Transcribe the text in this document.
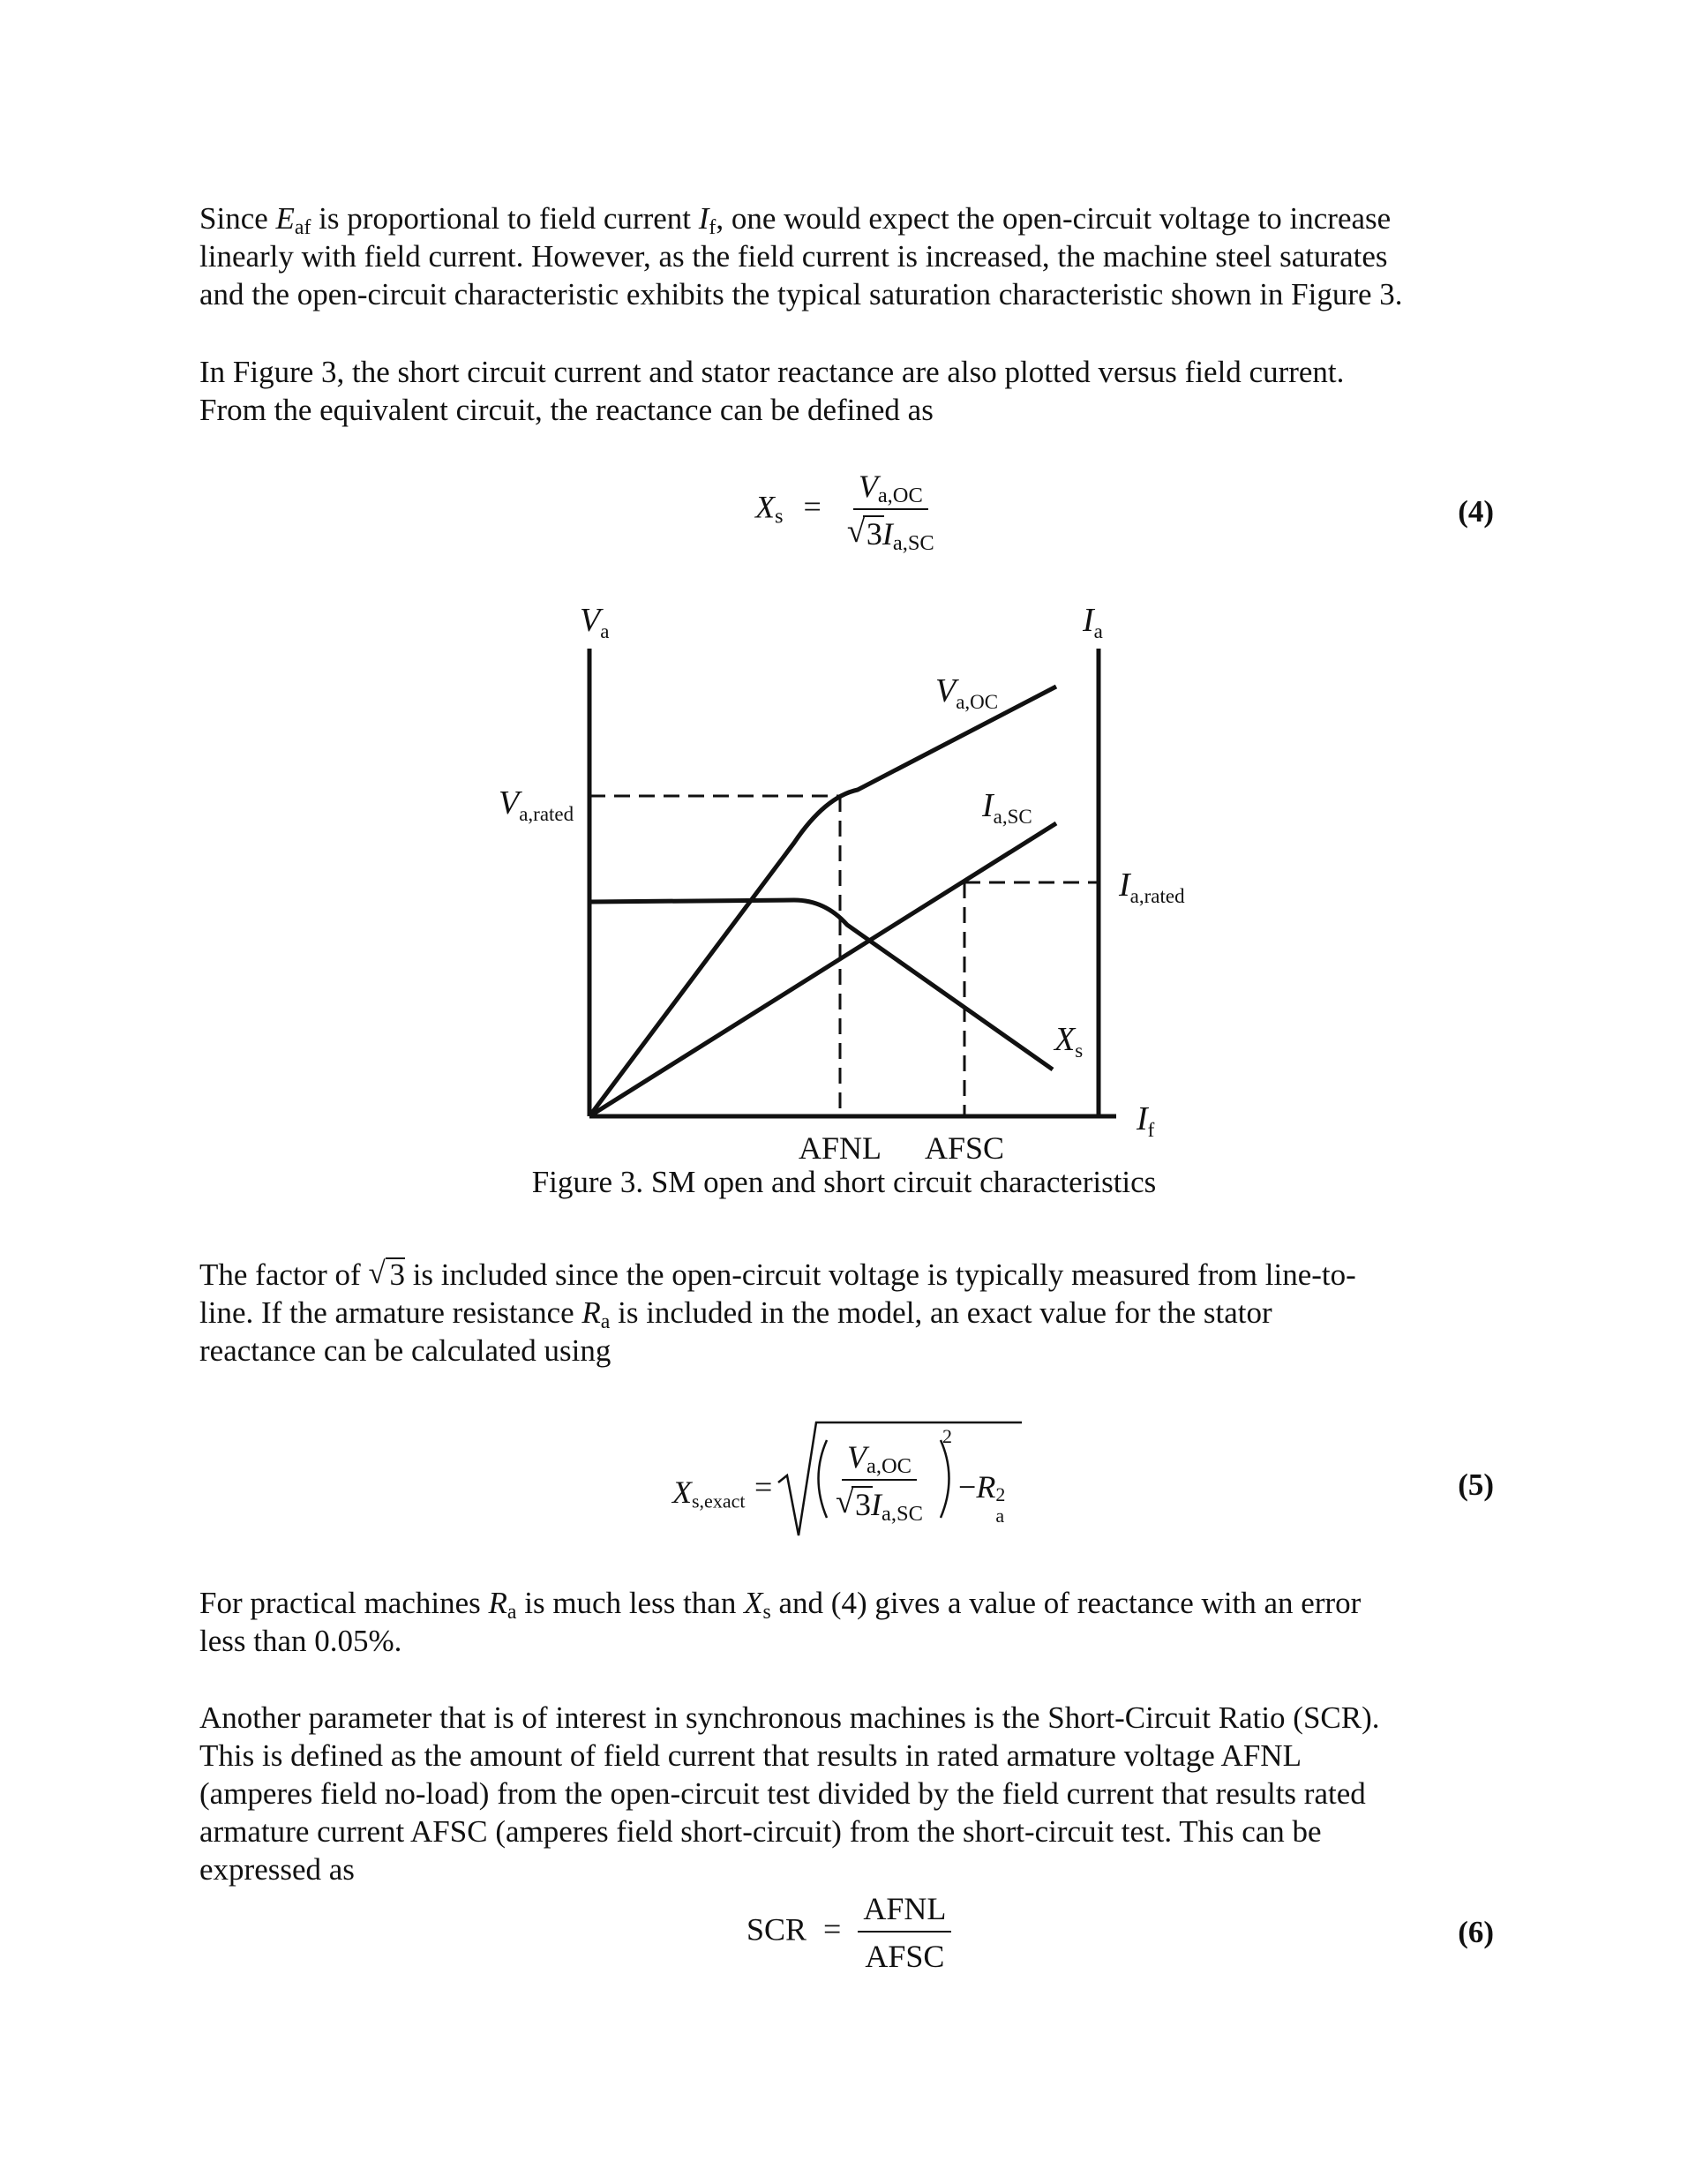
Since $E_{af}$ is proportional to field current $I_f$, one would expect the open-circuit voltage to increase
linearly with field current. However, as the field current is increased, the machine steel saturates
and the open-circuit characteristic exhibits the typical saturation characteristic shown in Figure 3.
In Figure 3, the short circuit current and stator reactance are also plotted versus field current.
From the equivalent circuit, the reactance can be defined as
$X_s = \frac{V_{a,OC}}{√ 3I_{a,SC}}$	(4)
$V_a$	$I_a$
$V_{a,OC}$
$V_{a,rated}$	$I_{a,SC}$
$I_{a,rated}$
$X_s$
$I_f$
AFNL AFSC
Figure 3. SM open and short circuit characteristics
The factor of √ 3 is included since the open-circuit voltage is typically measured from line-to-
line. If the armature resistance $R_a$ is included in the model, an exact value for the stator
reactance can be calculated using
$X_{s,exact} = \frac{V_{a,OC}}{√ 3I_{a,SC}}$
2
−R 2
a
(5)
For practical machines $R_a$ is much less than $X_s$ and (4) gives a value of reactance with an error
less than 0.05%.
Another parameter that is of interest in synchronous machines is the Short-Circuit Ratio (SCR).
This is defined as the amount of field current that results in rated armature voltage AFNL
(amperes field no-load) from the open-circuit test divided by the field current that results rated
armature current AFSC (amperes field short-circuit) from the short-circuit test. This can be
expressed as
SCR = $\frac{\text{AFNL}}{\text{AFSC}}$	(6)
